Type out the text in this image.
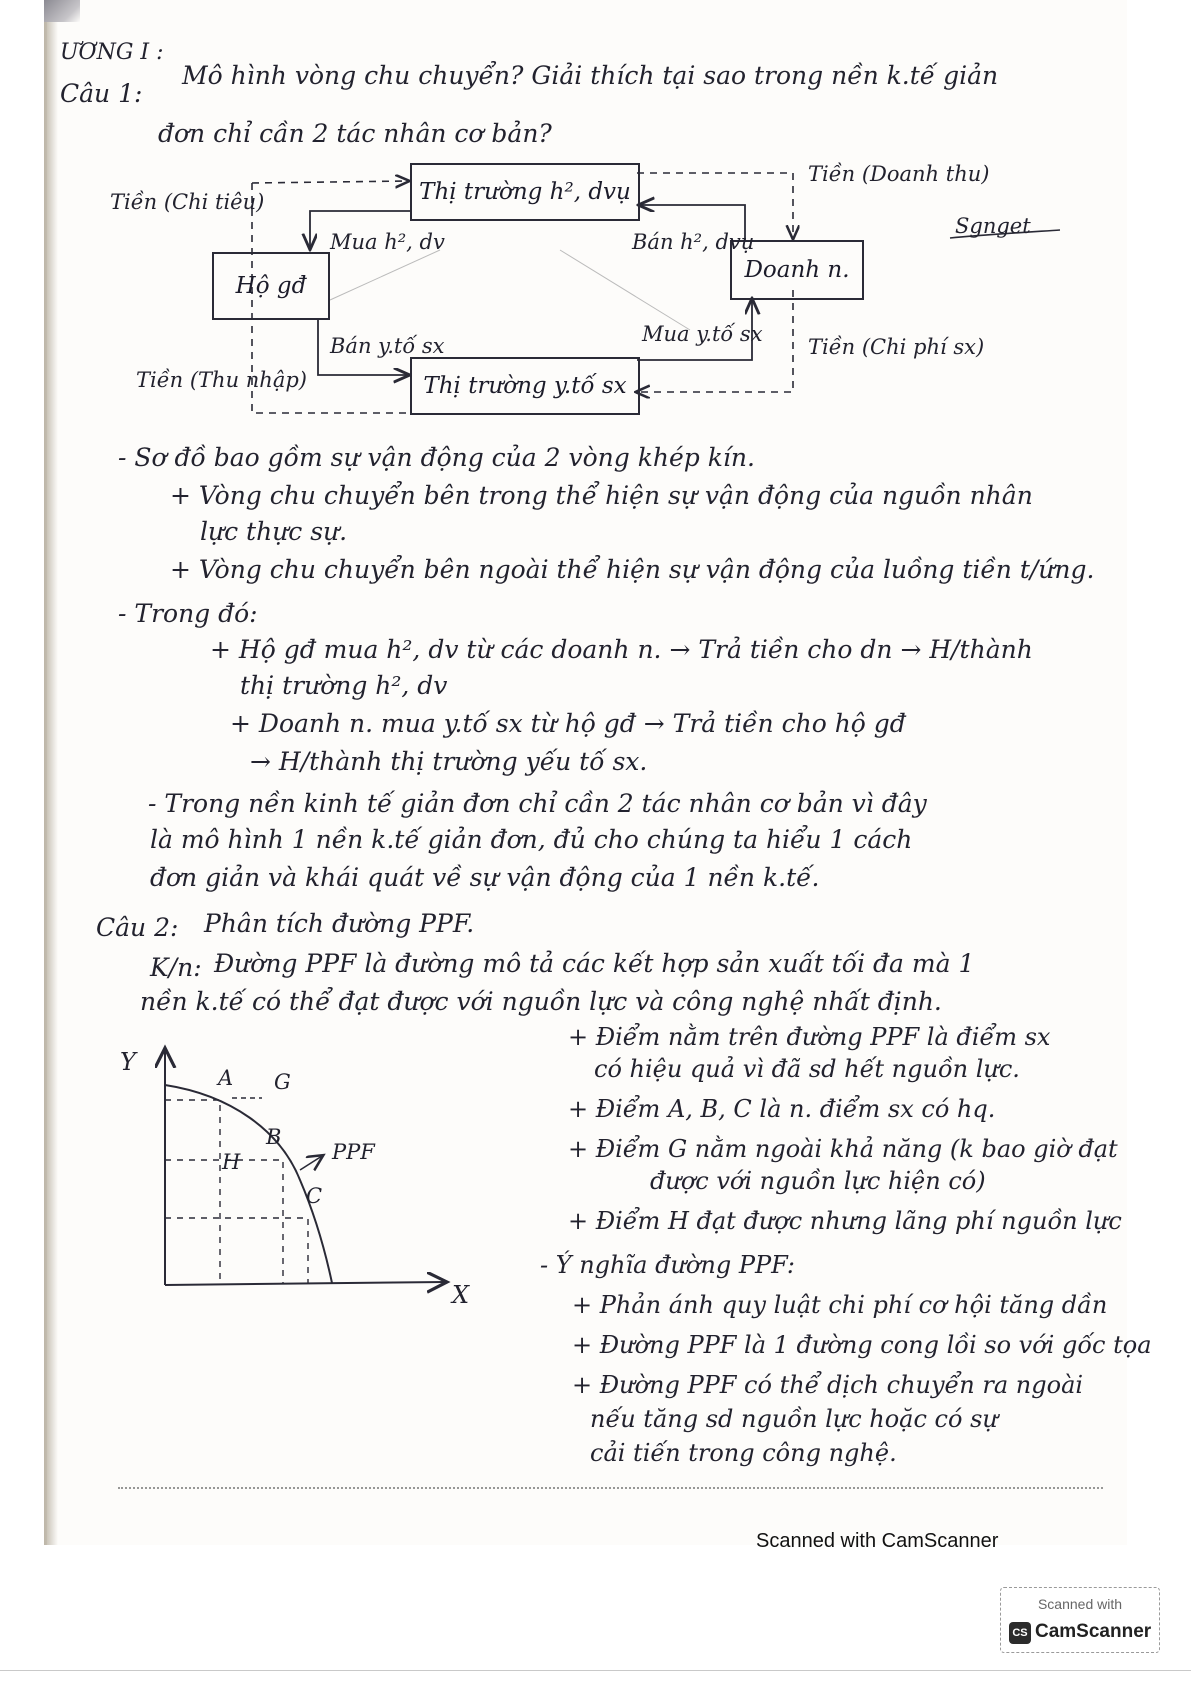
ƯƠNG I :
Câu 1:
Mô hình vòng chu chuyển? Giải thích tại sao trong nền k.tế giản
đơn chỉ cần 2 tác nhân cơ bản?
Thị trường h², dvụ
Thị trường y.tố sx
Hộ gđ
Doanh n.
Mua h², dv	Bán h², dvụ
Bán y.tố sx	Mua y.tố sx
Tiền (Chi tiêu)
Tiền (Doanh thu)
Tiền (Thu nhập)
Tiền (Chi phí sx)
Sgnget
- Sơ đồ bao gồm sự vận động của 2 vòng khép kín.
+ Vòng chu chuyển bên trong thể hiện sự vận động của nguồn nhân
lực thực sự.
+ Vòng chu chuyển bên ngoài thể hiện sự vận động của luồng tiền t/ứng.
- Trong đó:
+ Hộ gđ mua h², dv từ các doanh n. → Trả tiền cho dn → H/thành
thị trường h², dv
+ Doanh n. mua y.tố sx từ hộ gđ → Trả tiền cho hộ gđ
→ H/thành thị trường yếu tố sx.
- Trong nền kinh tế giản đơn chỉ cần 2 tác nhân cơ bản vì đây
là mô hình 1 nền k.tế giản đơn, đủ cho chúng ta hiểu 1 cách
đơn giản và khái quát về sự vận động của 1 nền k.tế.
Câu 2: Phân tích đường PPF.
K/n: Đường PPF là đường mô tả các kết hợp sản xuất tối đa mà 1
nền k.tế có thể đạt được với nguồn lực và công nghệ nhất định.
+ Điểm nằm trên đường PPF là điểm sx
có hiệu quả vì đã sd hết nguồn lực.
+ Điểm A, B, C là n. điểm sx có hq.
+ Điểm G nằm ngoài khả năng (k bao giờ đạt
được với nguồn lực hiện có)
+ Điểm H đạt được nhưng lãng phí nguồn lực
- Ý nghĩa đường PPF:
+ Phản ánh quy luật chi phí cơ hội tăng dần
+ Đường PPF là 1 đường cong lồi so với gốc tọa
+ Đường PPF có thể dịch chuyển ra ngoài
nếu tăng sd nguồn lực hoặc có sự
cải tiến trong công nghệ.
Y
X
A G
B
H
C
PPF
Scanned with CamScanner
Scanned with
CS CamScanner
